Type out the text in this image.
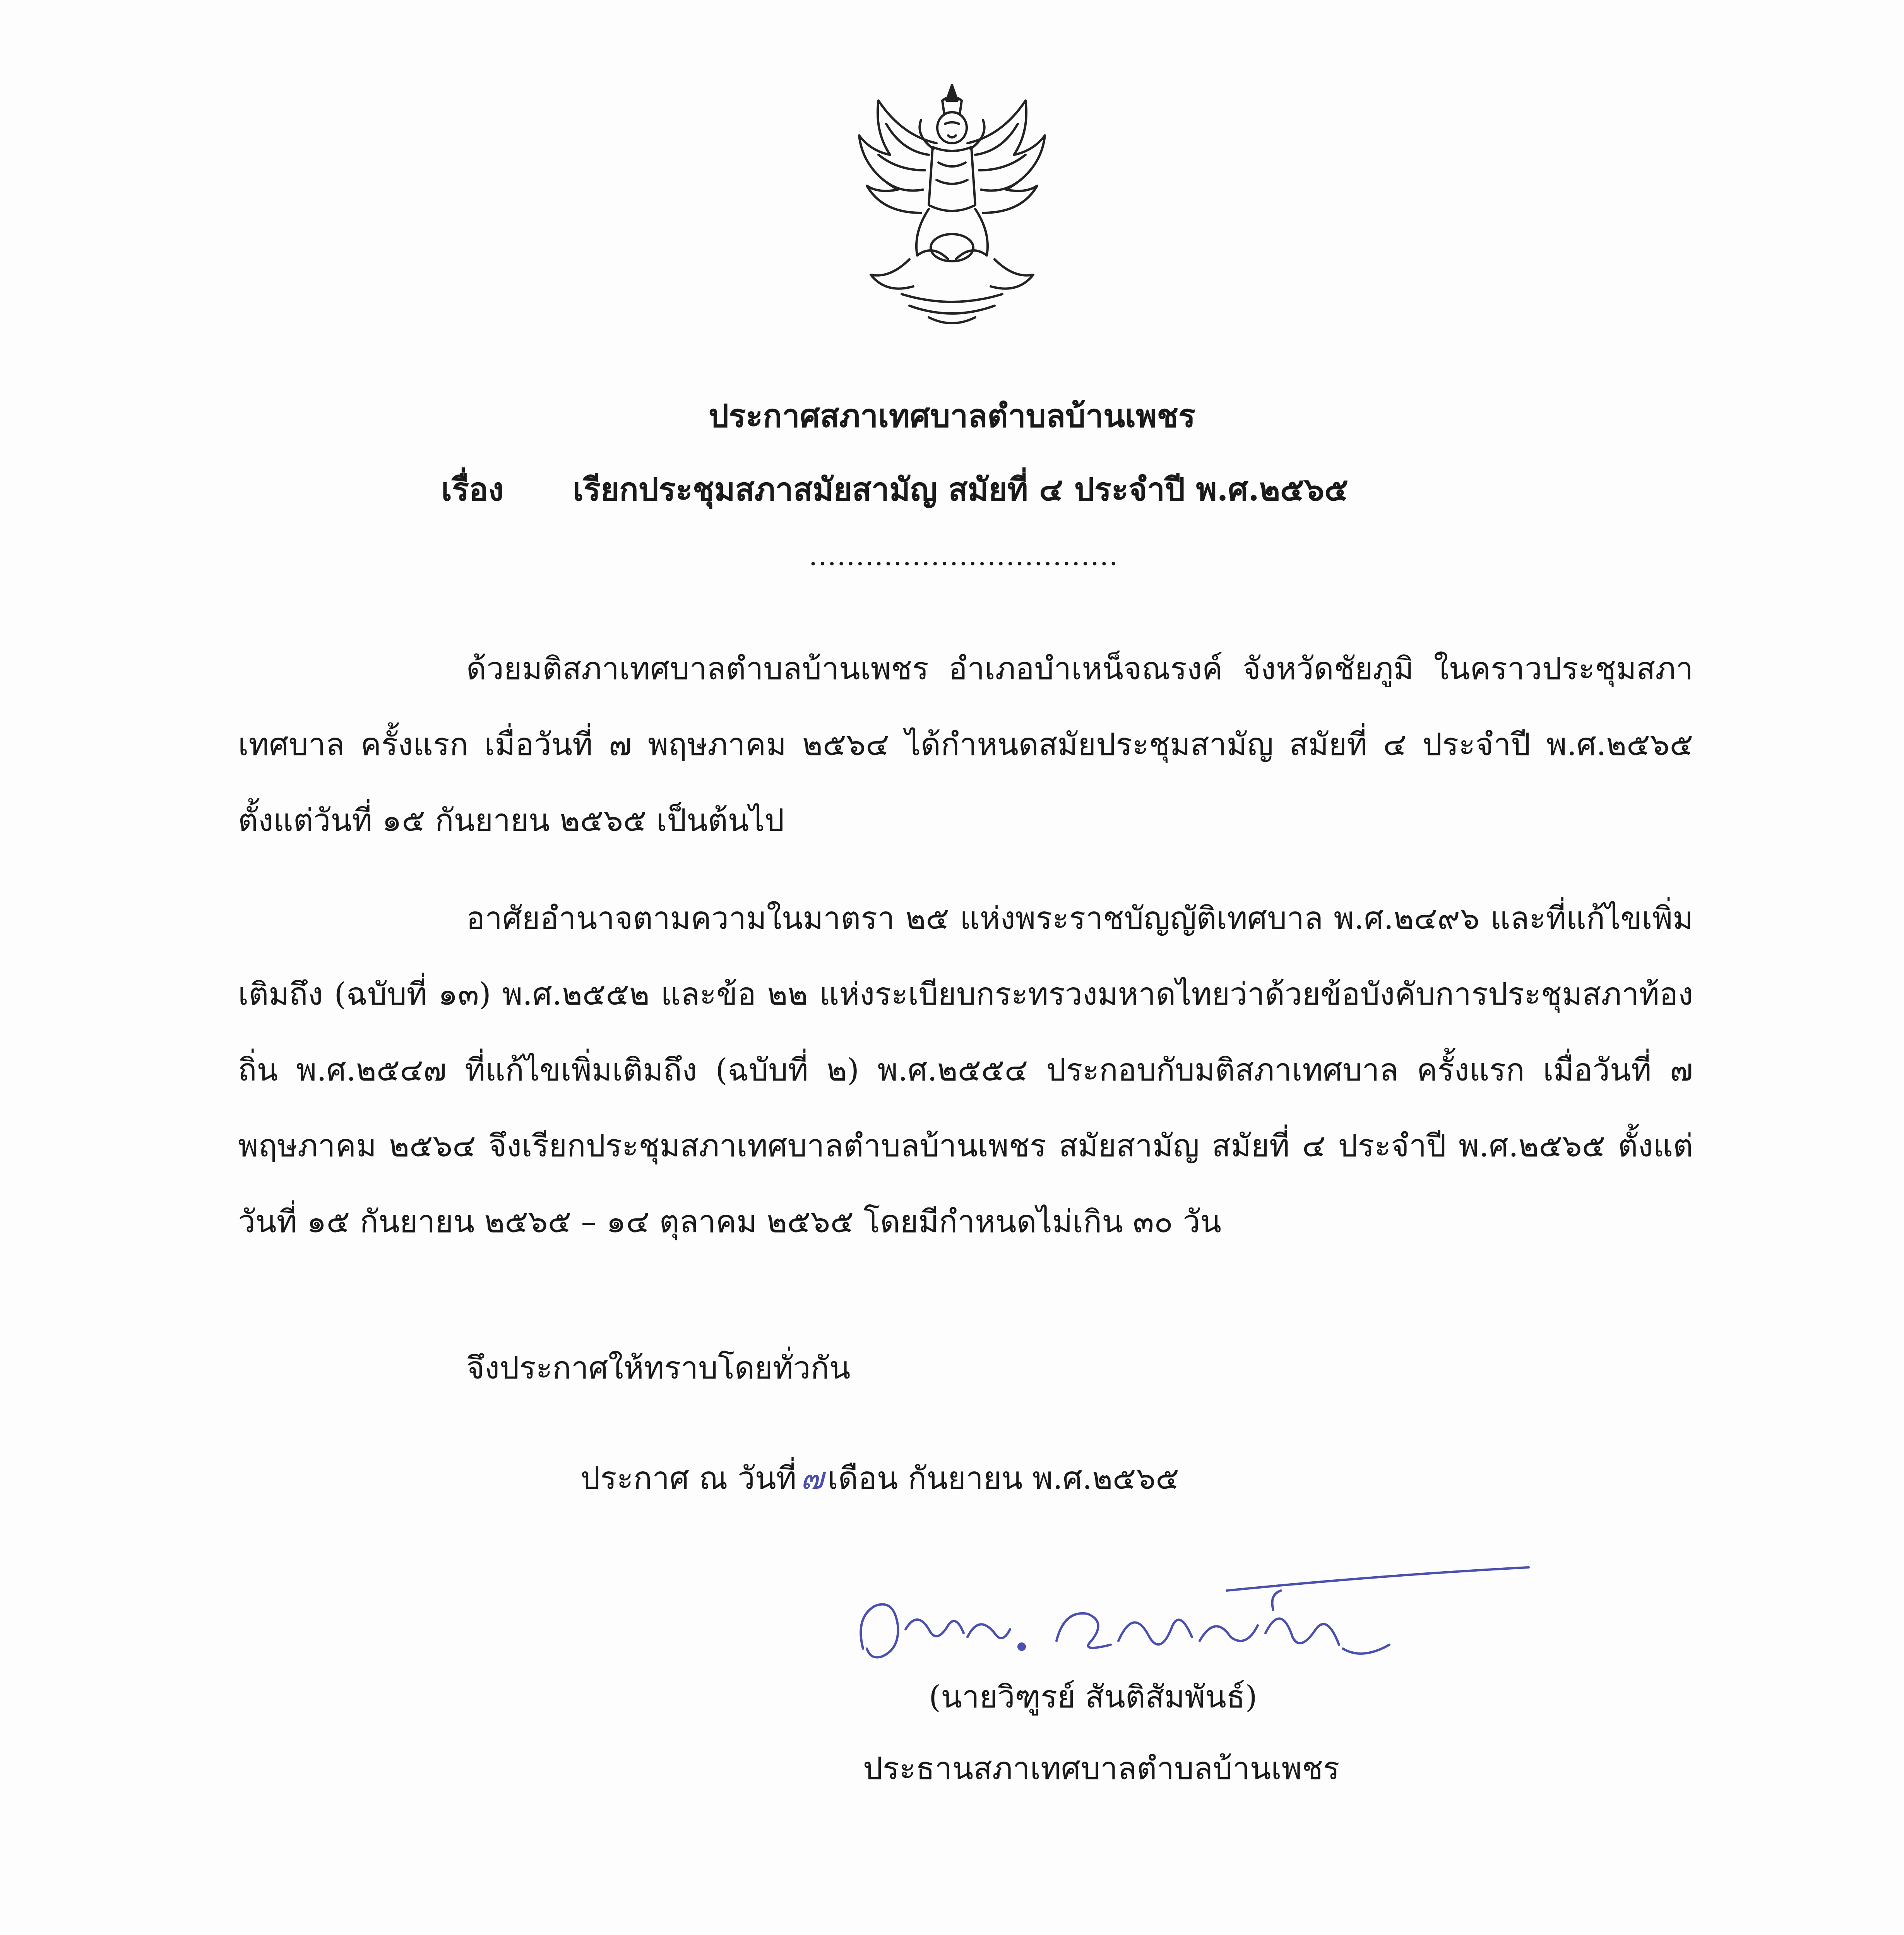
ประกาศสภาเทศบาลตำบลบ้านเพชร
เรื่อง เรียกประชุมสภาสมัยสามัญ สมัยที่ ๔ ประจำปี พ.ศ.๒๕๖๕
.................................
ด้วยมติสภาเทศบาลตำบลบ้านเพชร อำเภอบำเหน็จณรงค์ จังหวัดชัยภูมิ ในคราวประชุมสภาเทศบาล ครั้งแรก เมื่อวันที่ ๗ พฤษภาคม ๒๕๖๔ ได้กำหนดสมัยประชุมสามัญ สมัยที่ ๔ ประจำปี พ.ศ.๒๕๖๕ ตั้งแต่วันที่ ๑๕ กันยายน ๒๕๖๕ เป็นต้นไป
อาศัยอำนาจตามความในมาตรา ๒๕ แห่งพระราชบัญญัติเทศบาล พ.ศ.๒๔๙๖ และที่แก้ไขเพิ่มเติมถึง (ฉบับที่ ๑๓) พ.ศ.๒๕๕๒ และข้อ ๒๒ แห่งระเบียบกระทรวงมหาดไทยว่าด้วยข้อบังคับการประชุมสภาท้องถิ่น พ.ศ.๒๕๔๗ ที่แก้ไขเพิ่มเติมถึง (ฉบับที่ ๒) พ.ศ.๒๕๕๔ ประกอบกับมติสภาเทศบาล ครั้งแรก เมื่อวันที่ ๗ พฤษภาคม ๒๕๖๔ จึงเรียกประชุมสภาเทศบาลตำบลบ้านเพชร สมัยสามัญ สมัยที่ ๔ ประจำปี พ.ศ.๒๕๖๕ ตั้งแต่วันที่ ๑๕ กันยายน ๒๕๖๕ – ๑๔ ตุลาคม ๒๕๖๕ โดยมีกำหนดไม่เกิน ๓๐ วัน
จึงประกาศให้ทราบโดยทั่วกัน
ประกาศ ณ วันที่ ๗ เดือน กันยายน พ.ศ.๒๕๖๕
(นายวิฑูรย์ สันติสัมพันธ์)
ประธานสภาเทศบาลตำบลบ้านเพชร
